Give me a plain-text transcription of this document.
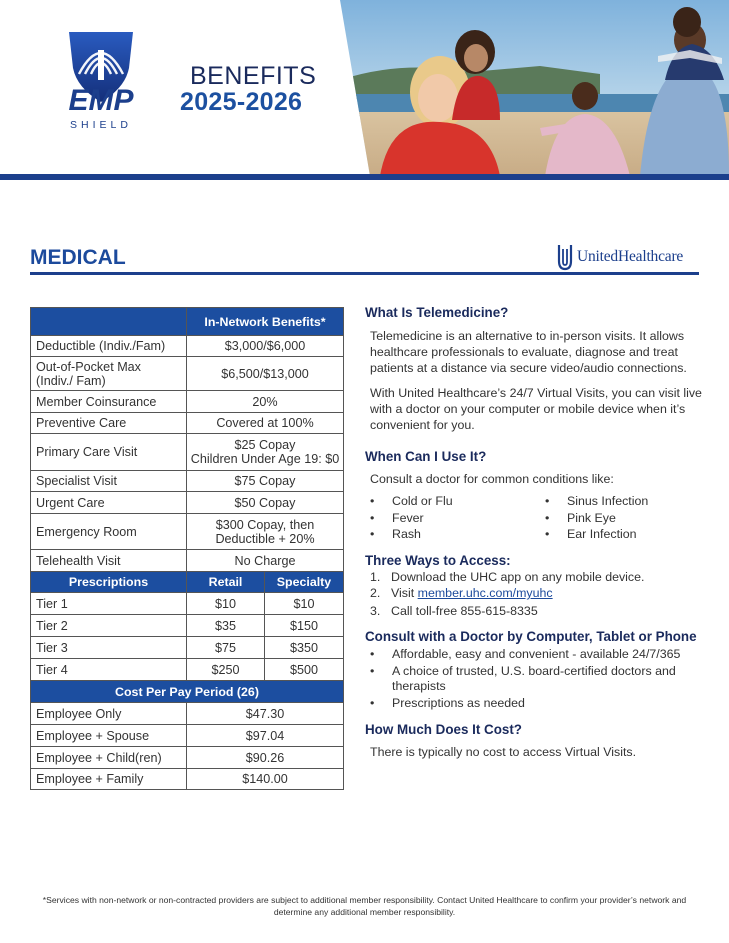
EMP
SHIELD
BENEFITS
2025-2026
MEDICAL	UnitedHealthcare
	In-Network Benefits*
Deductible (Indiv./Fam)	$3,000/$6,000
Out-of-Pocket Max (Indiv./ Fam)	$6,500/$13,000
Member Coinsurance	20%
Preventive Care	Covered at 100%
Primary Care Visit	$25 Copay
Children Under Age 19: $0

Specialist Visit	$75 Copay
Urgent Care	$50 Copay
Emergency Room	$300 Copay, then
Deductible + 20%

Telehealth Visit	No Charge
Prescriptions	Retail Specialty

Tier 1	$10 $10

Tier 2	$35 $150

Tier 3	$75 $350

Tier 4	$250 $500

Cost Per Pay Period (26)	
Employee Only	$47.30
Employee + Spouse	$97.04
Employee + Child(ren)	$90.26
Employee + Family	$140.00
What Is Telemedicine?

Telemedicine is an alternative to in-person visits. It allows healthcare professionals to evaluate, diagnose and treat patients at a distance via secure video/audio connections.

With United Healthcare’s 24/7 Virtual Visits, you can visit live with a doctor on your computer or mobile device when it’s convenient for you.

When Can I Use It?

Consult a doctor for common conditions like:

•	Cold or Flu	•	Sinus Infection
•	Fever	•	Pink Eye
•	Rash	•	Ear Infection
Three Ways to Access:
1. Download the UHC app on any mobile device.
2. Visit member.uhc.com/myuhc
3. Call toll-free 855-615-8335
Consult with a Doctor by Computer, Tablet or Phone
•	Affordable, easy and convenient - available 24/7/365
•	A choice of trusted, U.S. board-certified doctors and therapists
•	Prescriptions as needed
How Much Does It Cost?

There is typically no cost to access Virtual Visits.

*Services with non-network or non-contracted providers are subject to additional member responsibility. Contact United Healthcare to confirm your provider’s network and determine any additional member responsibility.
